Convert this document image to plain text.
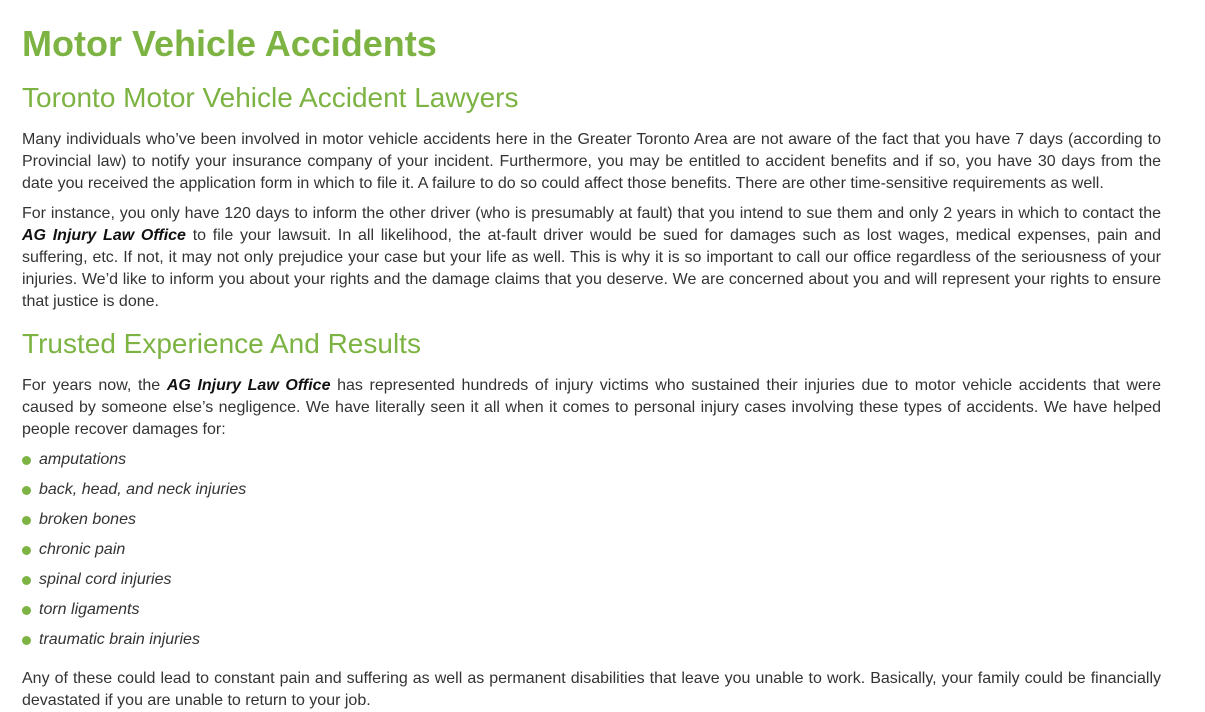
Motor Vehicle Accidents
Toronto Motor Vehicle Accident Lawyers

Many individuals who’ve been involved in motor vehicle accidents here in the Greater Toronto Area are not aware of the fact that you have 7 days (according to Provincial law) to notify your insurance company of your incident. Furthermore, you may be entitled to accident benefits and if so, you have 30 days from the date you received the application form in which to file it. A failure to do so could affect those benefits. There are other time-sensitive requirements as well.

For instance, you only have 120 days to inform the other driver (who is presumably at fault) that you intend to sue them and only 2 years in which to contact the AG Injury Law Office to file your lawsuit. In all likelihood, the at-fault driver would be sued for damages such as lost wages, medical expenses, pain and suffering, etc. If not, it may not only prejudice your case but your life as well. This is why it is so important to call our office regardless of the seriousness of your injuries. We’d like to inform you about your rights and the damage claims that you deserve. We are concerned about you and will represent your rights to ensure that justice is done.

Trusted Experience And Results

For years now, the AG Injury Law Office has represented hundreds of injury victims who sustained their injuries due to motor vehicle accidents that were caused by someone else’s negligence. We have literally seen it all when it comes to personal injury cases involving these types of accidents. We have helped people recover damages for:

amputations
back, head, and neck injuries
broken bones
chronic pain
spinal cord injuries
torn ligaments
traumatic brain injuries

Any of these could lead to constant pain and suffering as well as permanent disabilities that leave you unable to work. Basically, your family could be financially devastated if you are unable to return to your job.
